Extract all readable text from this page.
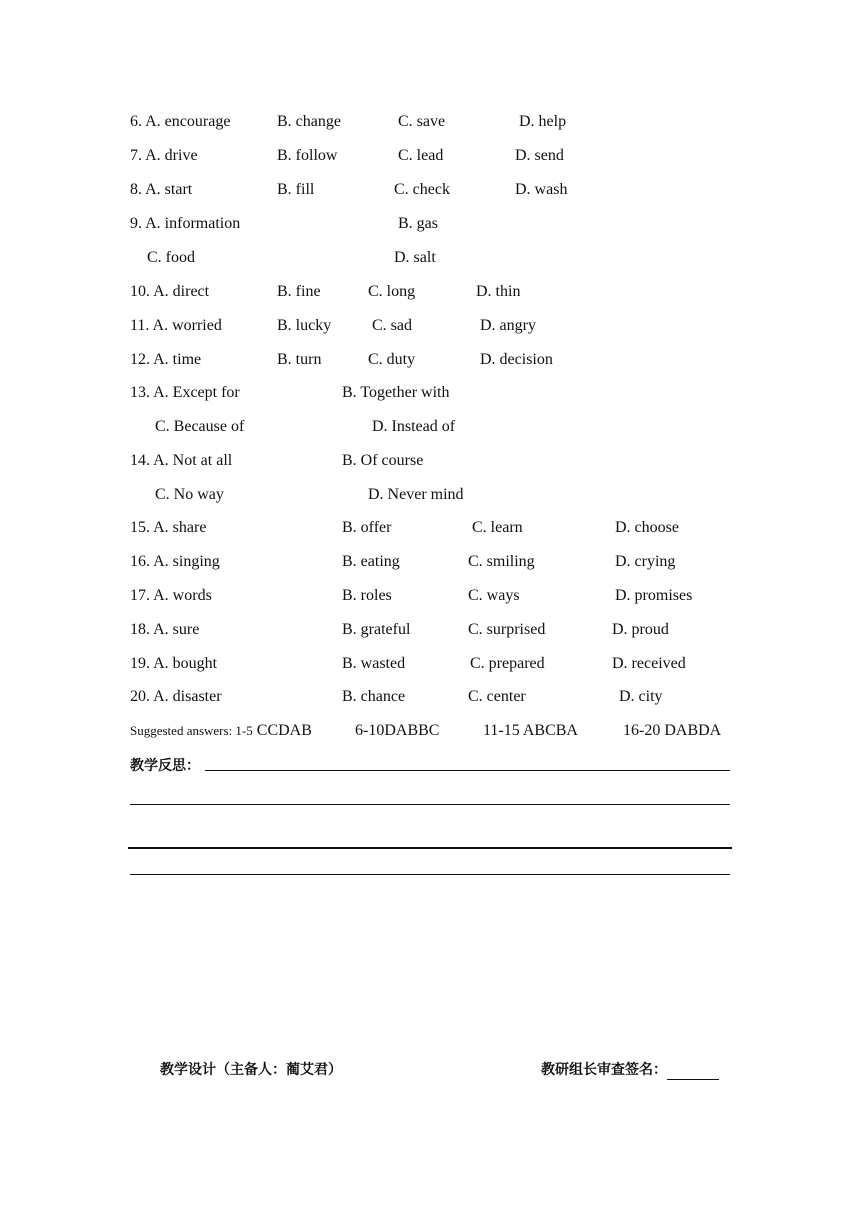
6. A. encourage	B. change	C. save	D. help
7. A. drive	B. follow	C. lead	D. send
8. A. start	B. fill	C. check	D. wash
9. A. information	B. gas
C. food	D. salt
10. A. direct	B. fine	C. long	D. thin
11. A. worried	B. lucky	C. sad	D. angry
12. A. time	B. turn	C. duty	D. decision
13. A. Except for	B. Together with
C. Because of	D. Instead of
14. A. Not at all	B. Of course
C. No way	D. Never mind
15. A. share	B. offer	C. learn	D. choose
16. A. singing	B. eating	C. smiling	D. crying
17. A. words	B. roles	C. ways	D. promises
18. A. sure	B. grateful	C. surprised	D. proud
19. A. bought	B. wasted	C. prepared	D. received
20. A. disaster	B. chance	C. center	D. city
Suggested answers: 1-5 CCDAB	6-10DABBC	11-15 ABCBA	16-20 DABDA
教学反思：
教学设计（主备人：蔺艾君）	教研组长审查签名：
